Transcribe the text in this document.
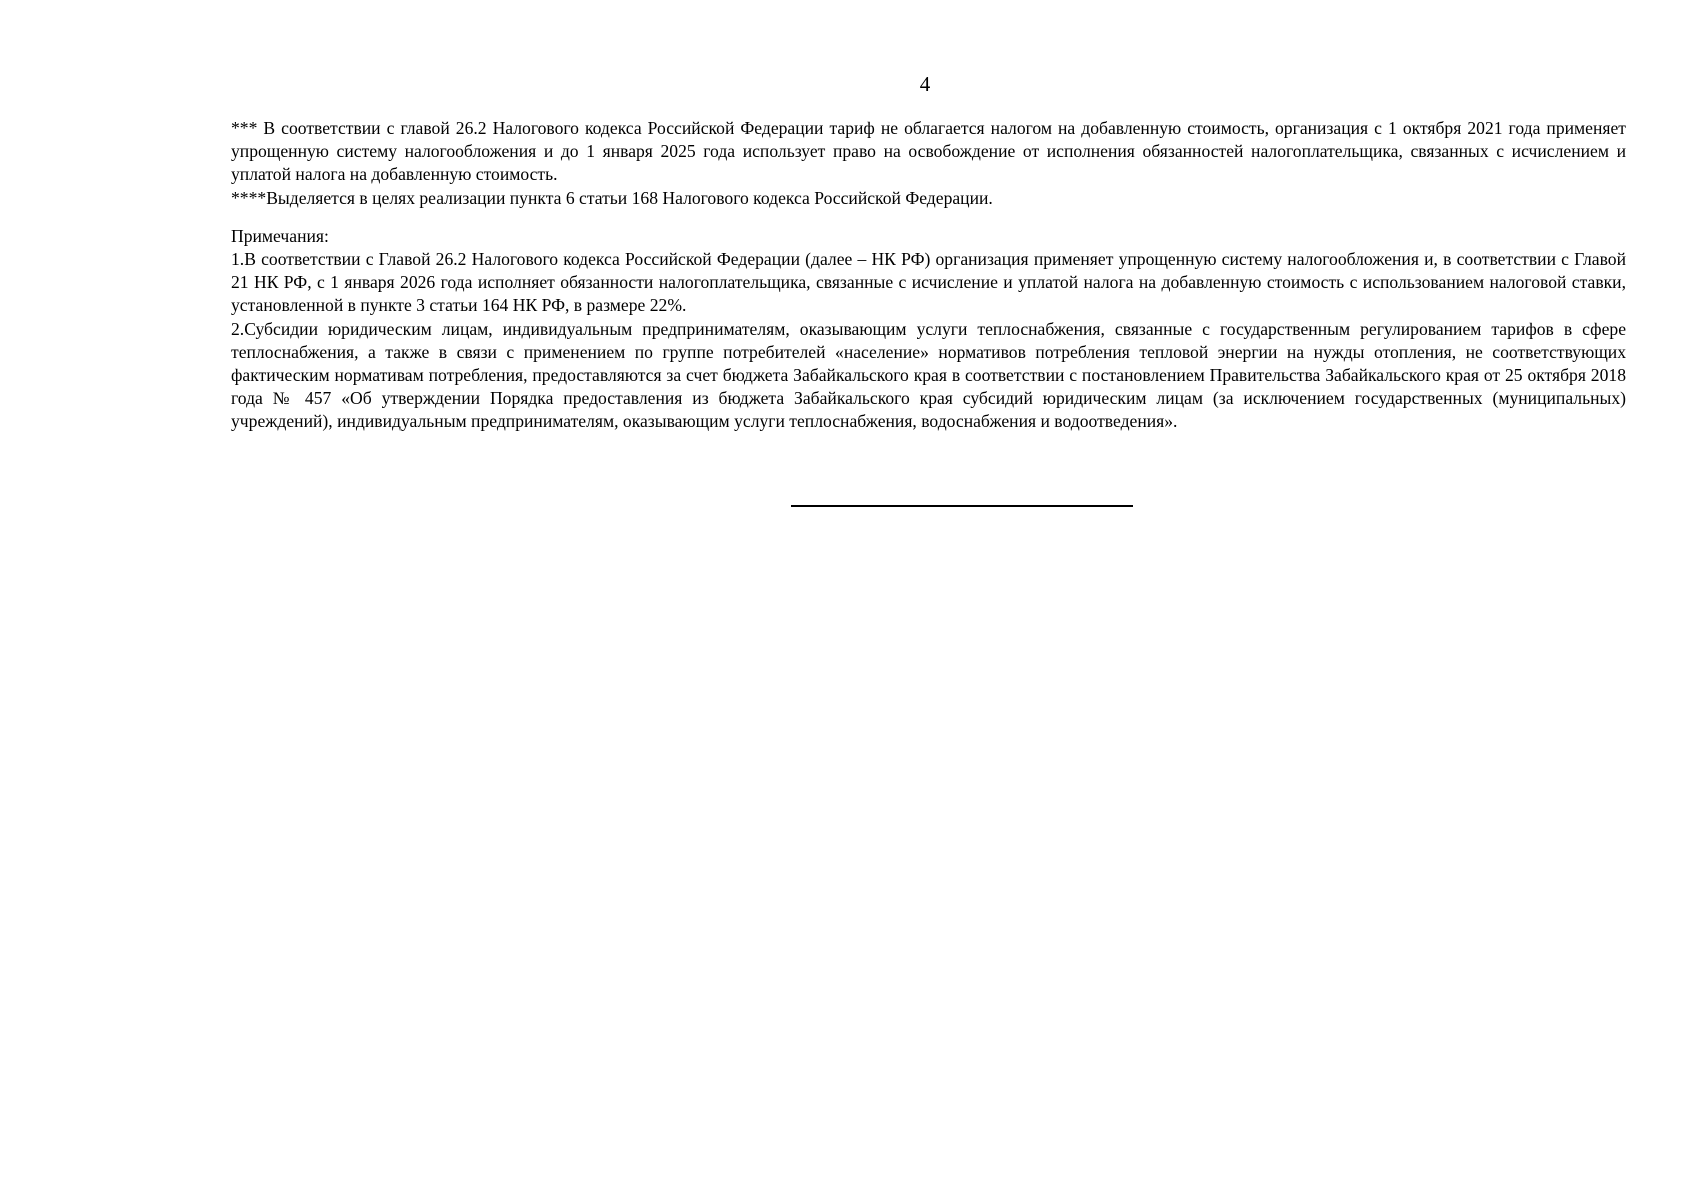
4

*** В соответствии с главой 26.2 Налогового кодекса Российской Федерации тариф не облагается налогом на добавленную стоимость, организация с 1 октября 2021 года применяет упрощенную систему налогообложения и до 1 января 2025 года использует право на освобождение от исполнения обязанностей налогоплательщика, связанных с исчислением и уплатой налога на добавленную стоимость.

****Выделяется в целях реализации пункта 6 статьи 168 Налогового кодекса Российской Федерации.

Примечания:

1.В соответствии с Главой 26.2 Налогового кодекса Российской Федерации (далее – НК РФ) организация применяет упрощенную систему налогообложения и, в соответствии с Главой 21 НК РФ, с 1 января 2026 года исполняет обязанности налогоплательщика, связанные с исчисление и уплатой налога на добавленную стоимость с использованием налоговой ставки, установленной в пункте 3 статьи 164 НК РФ, в размере 22%.

2.Субсидии юридическим лицам, индивидуальным предпринимателям, оказывающим услуги теплоснабжения, связанные с государственным регулированием тарифов в сфере теплоснабжения, а также в связи с применением по группе потребителей «население» нормативов потребления тепловой энергии на нужды отопления, не соответствующих фактическим нормативам потребления, предоставляются за счет бюджета Забайкальского края в соответствии с постановлением Правительства Забайкальского края от 25 октября 2018 года № 457 «Об утверждении Порядка предоставления из бюджета Забайкальского края субсидий юридическим лицам (за исключением государственных (муниципальных) учреждений), индивидуальным предпринимателям, оказывающим услуги теплоснабжения, водоснабжения и водоотведения».
